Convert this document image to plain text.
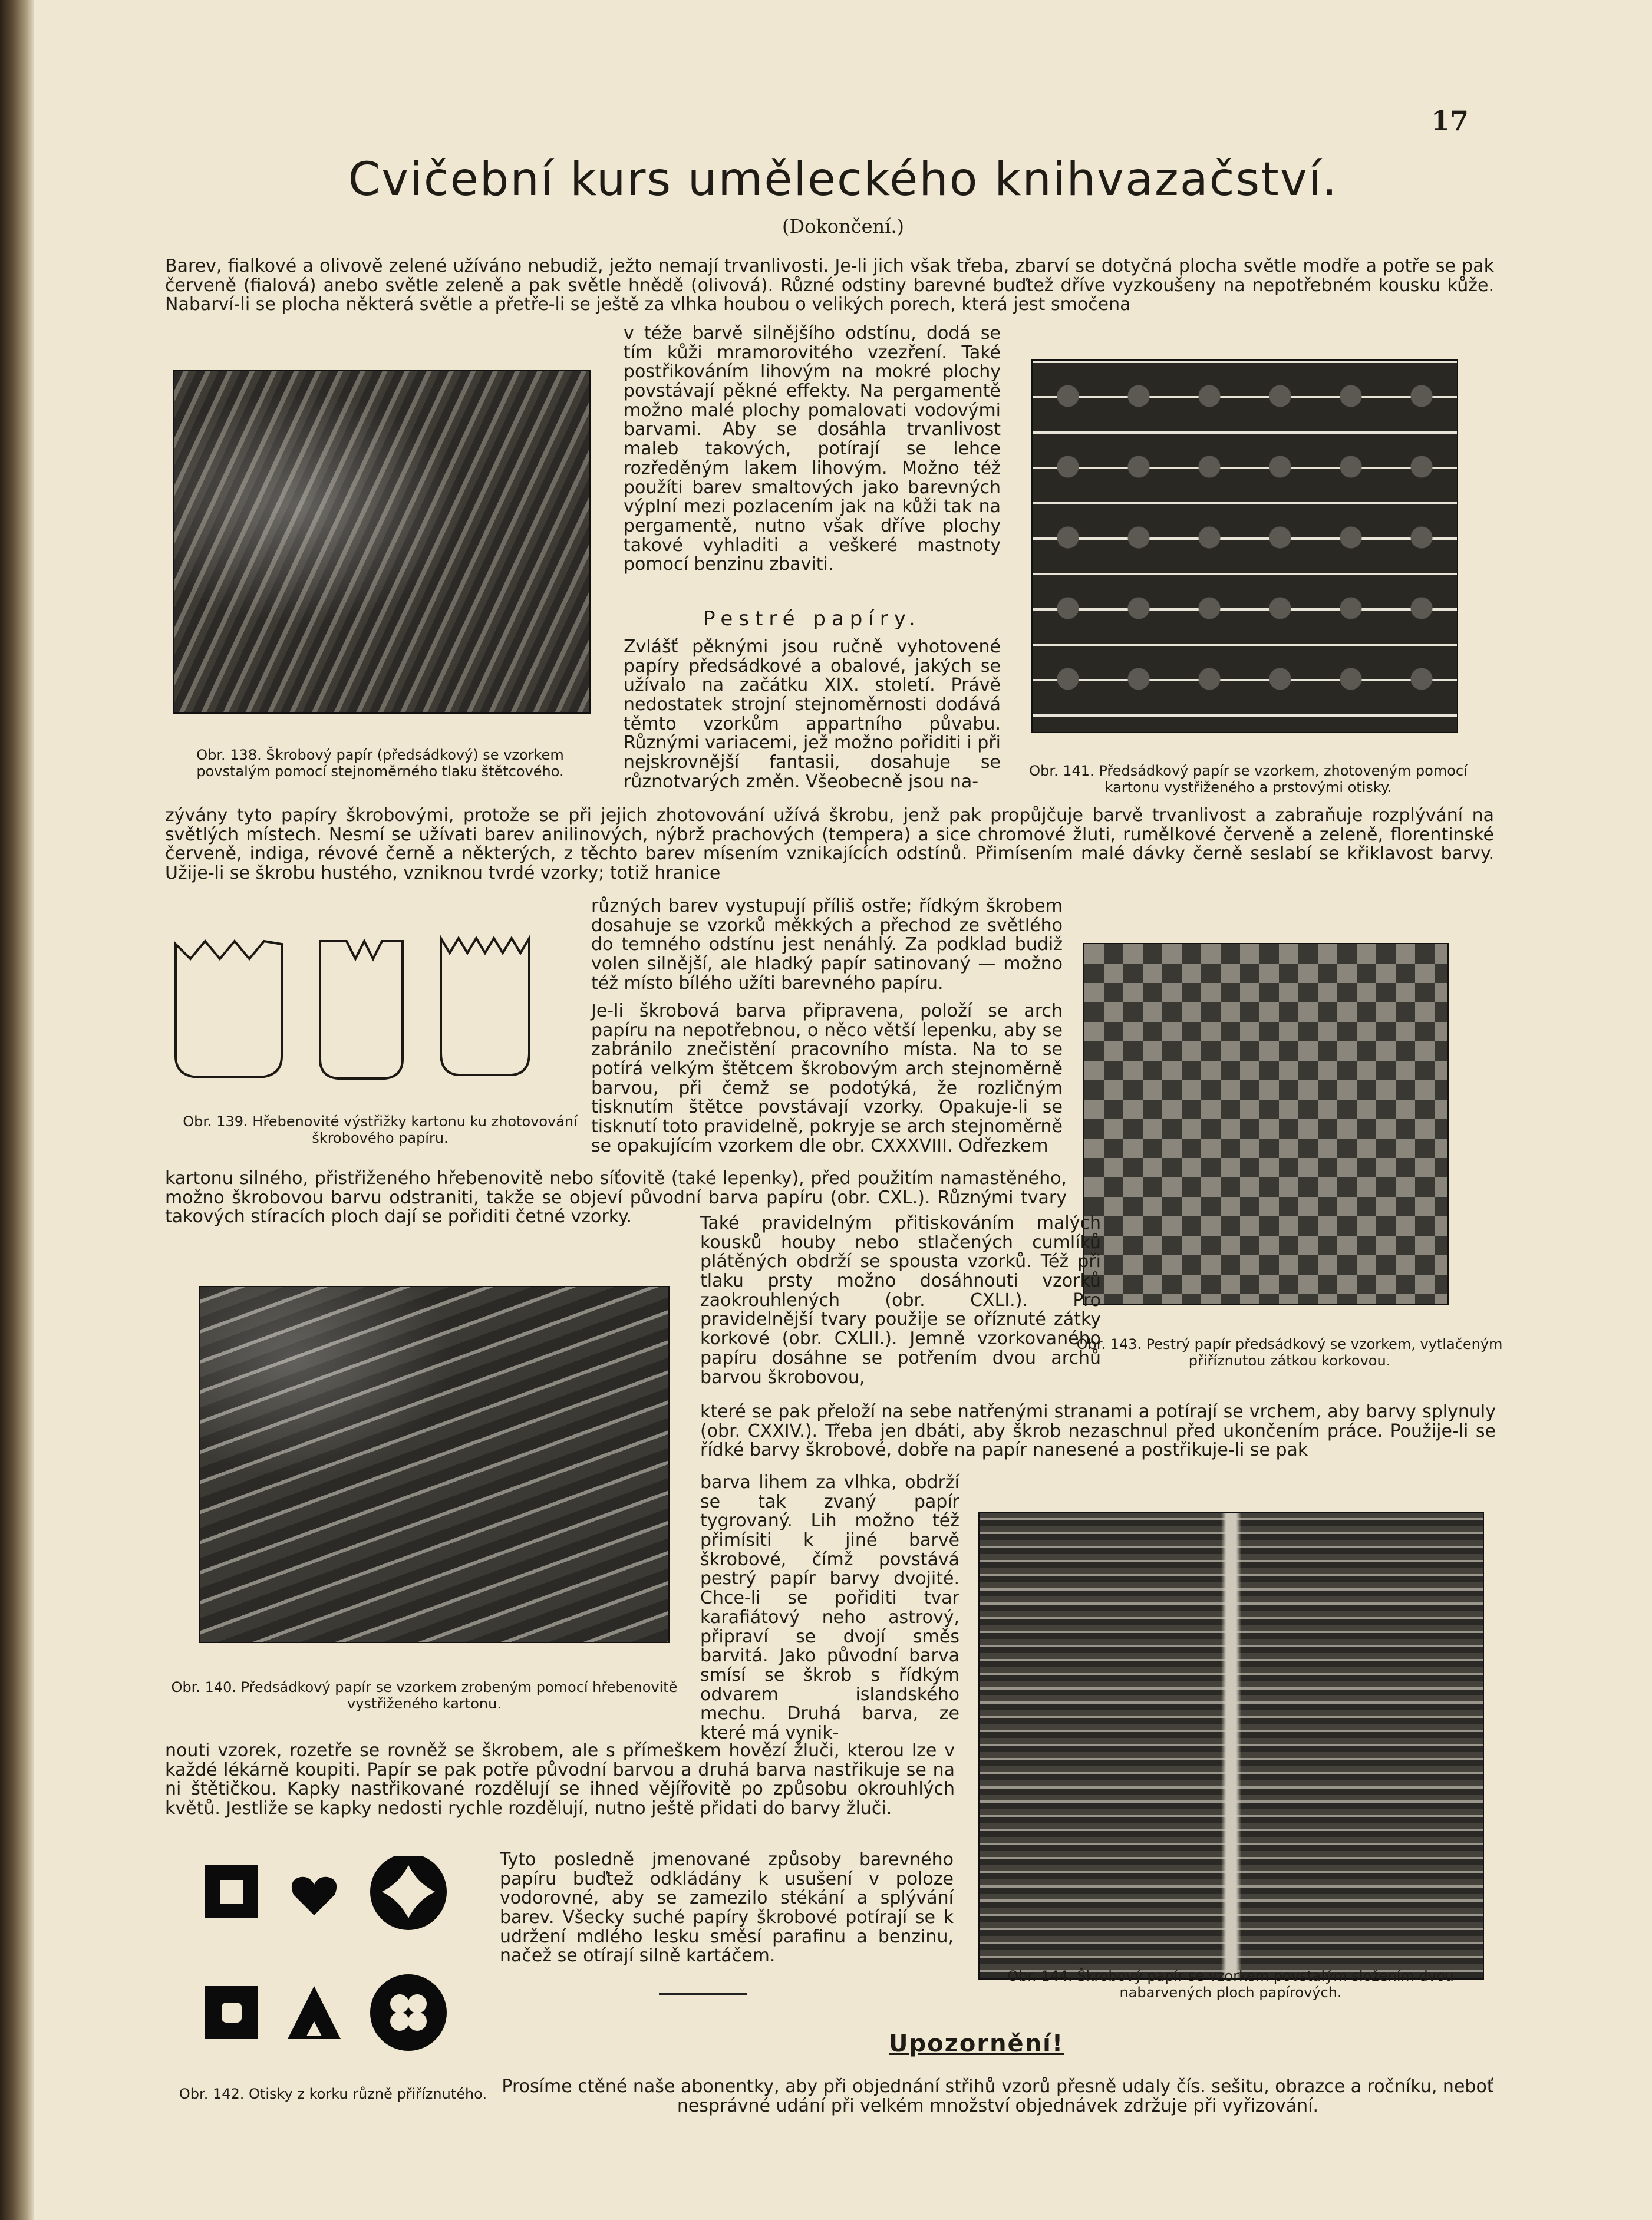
17
Cvičební kurs uměleckého knihvazačství.
(Dokončení.)

Barev, fialkové a olivově zelené užíváno nebudiž, ježto nemají trvanlivosti. Je-li jich však třeba, zbarví se dotyčná plocha světle modře a potře se pak červeně (fialová) anebo světle zeleně a pak světle hnědě (olivová). Různé odstiny barevné buďtež dříve vyzkoušeny na nepotřebném kousku kůže. Nabarví-li se plocha některá světle a přetře-li se ještě za vlhka houbou o velikých porech, která jest smočena

Obr. 138. Škrobový papír (předsádkový) se vzorkem povstalým pomocí stejnoměrného tlaku štětcového.

v téže barvě silnějšího odstínu, dodá se tím kůži mramorovitého vzezření. Také postřikováním lihovým na mokré plochy povstávají pěkné effekty. Na pergamentě možno malé plochy pomalovati vodovými barvami. Aby se dosáhla trvanlivost maleb takových, potírají se lehce rozředěným lakem lihovým. Možno též použíti barev smaltových jako barevných výplní mezi pozlacením jak na kůži tak na pergamentě, nutno však dříve plochy takové vyhladiti a veškeré mastnoty pomocí benzinu zbaviti.

Pestré papíry.

Zvlášť pěknými jsou ručně vyhotovené papíry předsádkové a obalové, jakých se užívalo na začátku XIX. století. Právě nedostatek strojní stejnoměrnosti dodává těmto vzorkům appartního půvabu. Různými variacemi, jež možno pořiditi i při nejskrovnější fantasii, dosahuje se různotvarých změn. Všeobecně jsou na-

Obr. 141. Předsádkový papír se vzorkem, zhotoveným pomocí kartonu vystřiženého a prstovými otisky.

zývány tyto papíry škrobovými, protože se při jejich zhotovování užívá škrobu, jenž pak propůjčuje barvě trvanlivost a zabraňuje rozplývání na světlých místech. Nesmí se užívati barev anilinových, nýbrž prachových (tempera) a sice chromové žluti, rumělkové červeně a zeleně, florentinské červeně, indiga, révové černě a některých, z těchto barev mísením vznikajících odstínů. Přimísením malé dávky černě seslabí se křiklavost barvy. Užije-li se škrobu hustého, vzniknou tvrdé vzorky; totiž hranice

Obr. 139. Hřebenovité výstřižky kartonu ku zhotovování škrobového papíru.

různých barev vystupují příliš ostře; řídkým škrobem dosahuje se vzorků měkkých a přechod ze světlého do temného odstínu jest nenáhlý. Za podklad budiž volen silnější, ale hladký papír satinovaný — možno též místo bílého užíti barevného papíru.

Je-li škrobová barva připravena, položí se arch papíru na nepotřebnou, o něco větší lepenku, aby se zabránilo znečistění pracovního místa. Na to se potírá velkým štětcem škrobovým arch stejnoměrně barvou, při čemž se podotýká, že rozličným tisknutím štětce povstávají vzorky. Opakuje-li se tisknutí toto pravidelně, pokryje se arch stejnoměrně se opakujícím vzorkem dle obr. CXXXVIII. Odřezkem

Obr. 143. Pestrý papír předsádkový se vzorkem, vytlačeným přiříznutou zátkou korkovou.

kartonu silného, přistřiženého hřebenovitě nebo síťovitě (také lepenky), před použitím namastěného, možno škrobovou barvu odstraniti, takže se objeví původní barva papíru (obr. CXL.). Různými tvary takových stíracích ploch dají se pořiditi četné vzorky.

Obr. 140. Předsádkový papír se vzorkem zrobeným pomocí hřebenovitě vystřiženého kartonu.

Také pravidelným přitiskováním malých kousků houby nebo stlačených cumlíků plátěných obdrží se spousta vzorků. Též při tlaku prsty možno dosáhnouti vzorků zaokrouhlených (obr. CXLI.). Pro pravidelnější tvary použije se oříznuté zátky korkové (obr. CXLII.). Jemně vzorkovaného papíru dosáhne se potřením dvou archů barvou škrobovou,

které se pak přeloží na sebe natřenými stranami a potírají se vrchem, aby barvy splynuly (obr. CXXIV.). Třeba jen dbáti, aby škrob nezaschnul před ukončením práce. Použije-li se řídké barvy škrobové, dobře na papír nanesené a postřikuje-li se pak

barva lihem za vlhka, obdrží se tak zvaný papír tygrovaný. Lih možno též přimísiti k jiné barvě škrobové, čímž povstává pestrý papír barvy dvojité. Chce-li se pořiditi tvar karafiátový neho astrový, připraví se dvojí směs barvitá. Jako původní barva smísí se škrob s řídkým odvarem islandského mechu. Druhá barva, ze které má vynik-

Obr. 144. Škrobový papír se vzorkem povstalým složením dvou nabarvených ploch papírových.

nouti vzorek, rozetře se rovněž se škrobem, ale s přímeškem hovězí žluči, kterou lze v každé lékárně koupiti. Papír se pak potře původní barvou a druhá barva nastřikuje se na ni štětičkou. Kapky nastřikované rozdělují se ihned vějířovitě po způsobu okrouhlých květů. Jestliže se kapky nedosti rychle rozdělují, nutno ještě přidati do barvy žluči.

Tyto posledně jmenované způsoby barevného papíru buďtež odkládány k usušení v poloze vodorovné, aby se zamezilo stékání a splývání barev. Všecky suché papíry škrobové potírají se k udržení mdlého lesku směsí parafinu a benzinu, načež se otírají silně kartáčem.

Obr. 142. Otisky z korku různě přiříznutého.
Upozornění!

Prosíme ctěné naše abonentky, aby při objednání střihů vzorů přesně udaly čís. sešitu, obrazce a ročníku, neboť nesprávné udání při velkém množství objednávek zdržuje při vyřizování.
